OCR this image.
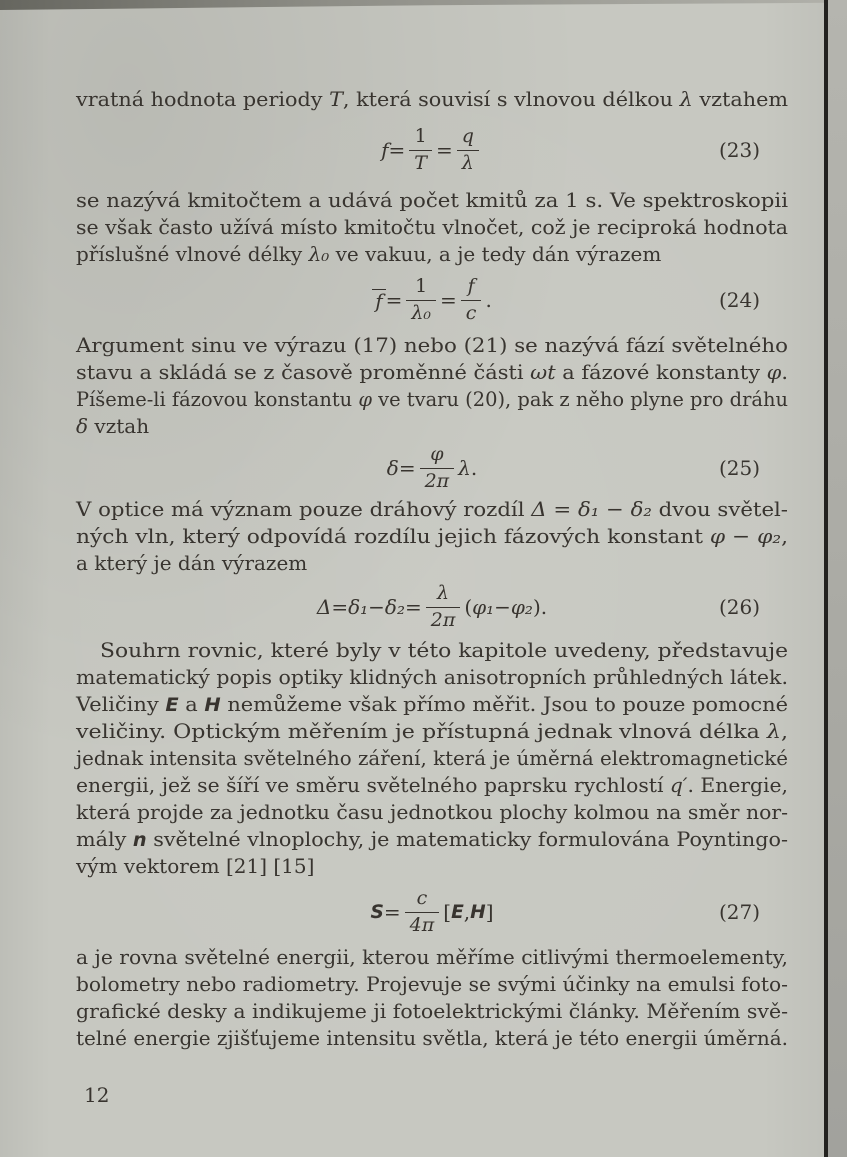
vratná hodnota periody T, která souvisí s vlnovou délkou λ vztahem
$f = \frac{1}{T} = \frac{q}{\lambda}$	(23)
se nazývá kmitočtem a udává počet kmitů za 1 s. Ve spektroskopii
se však často užívá místo kmitočtu vlnočet, což je reciproká hodnota
příslušné vlnové délky λ₀ ve vakuu, a je tedy dán výrazem
$f = \frac{1}{\text{λ₀}} = \frac{f}{c}$ .	(24)
Argument sinu ve výrazu (17) nebo (21) se nazývá fází světelného
stavu a skládá se z časově proměnné části ωt a fázové konstanty φ.
Píšeme-li fázovou konstantu φ ve tvaru (20), pak z něho plyne pro dráhu
δ vztah
$\delta = \frac{\varphi}{2\pi}$ λ .	(25)
V optice má význam pouze dráhový rozdíl Δ = δ₁ − δ₂ dvou světel-
ných vln, který odpovídá rozdílu jejich fázových konstant φ − φ₂,
a který je dán výrazem
$\Delta = \delta_1 - \delta_2 = \frac{\lambda}{2\pi}$ ( φ₁ − φ₂ ).	(26)
Souhrn rovnic, které byly v této kapitole uvedeny, představuje
matematický popis optiky klidných anisotropních průhledných látek.
Veličiny E a H nemůžeme však přímo měřit. Jsou to pouze pomocné
veličiny. Optickým měřením je přístupná jednak vlnová délka λ,
jednak intensita světelného záření, která je úměrná elektromagnetické
energii, jež se šíří ve směru světelného paprsku rychlostí q′. Energie,
která projde za jednotku času jednotkou plochy kolmou na směr nor-
mály n světelné vlnoplochy, je matematicky formulována Poyntingo-
vým vektorem [21] [15]
$S = \frac{c}{4\pi}$ [ E , H ]	(27)
a je rovna světelné energii, kterou měříme citlivými thermoelementy,
bolometry nebo radiometry. Projevuje se svými účinky na emulsi foto-
grafické desky a indikujeme ji fotoelektrickými články. Měřením svě-
telné energie zjišťujeme intensitu světla, která je této energii úměrná.
12
